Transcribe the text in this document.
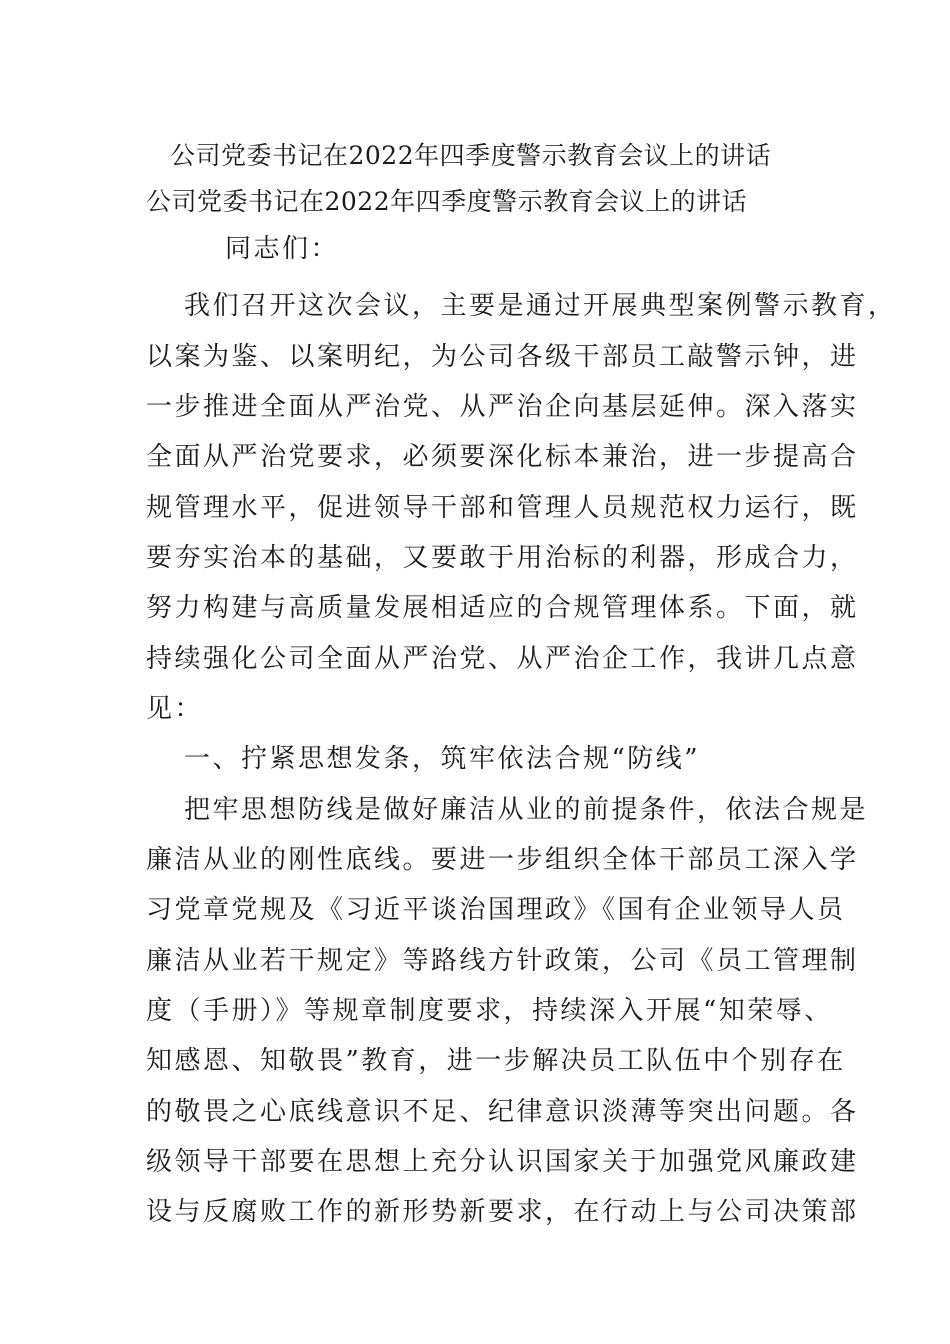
公司党委书记在2022年四季度警示教育会议上的讲话
公司党委书记在2022年四季度警示教育会议上的讲话
同志们：
我们召开这次会议，主要是通过开展典型案例警示教育，
以案为鉴、以案明纪，为公司各级干部员工敲警示钟，进
一步推进全面从严治党、从严治企向基层延伸。深入落实
全面从严治党要求，必须要深化标本兼治，进一步提高合
规管理水平，促进领导干部和管理人员规范权力运行，既
要夯实治本的基础，又要敢于用治标的利器，形成合力，
努力构建与高质量发展相适应的合规管理体系。下面，就
持续强化公司全面从严治党、从严治企工作，我讲几点意
见：
一、拧紧思想发条，筑牢依法合规“防线”
把牢思想防线是做好廉洁从业的前提条件，依法合规是
廉洁从业的刚性底线。要进一步组织全体干部员工深入学
习党章党规及《习近平谈治国理政》《国有企业领导人员
廉洁从业若干规定》等路线方针政策，公司《员工管理制
度（手册）》等规章制度要求，持续深入开展“知荣辱、
知感恩、知敬畏”教育，进一步解决员工队伍中个别存在
的敬畏之心底线意识不足、纪律意识淡薄等突出问题。各
级领导干部要在思想上充分认识国家关于加强党风廉政建
设与反腐败工作的新形势新要求，在行动上与公司决策部
